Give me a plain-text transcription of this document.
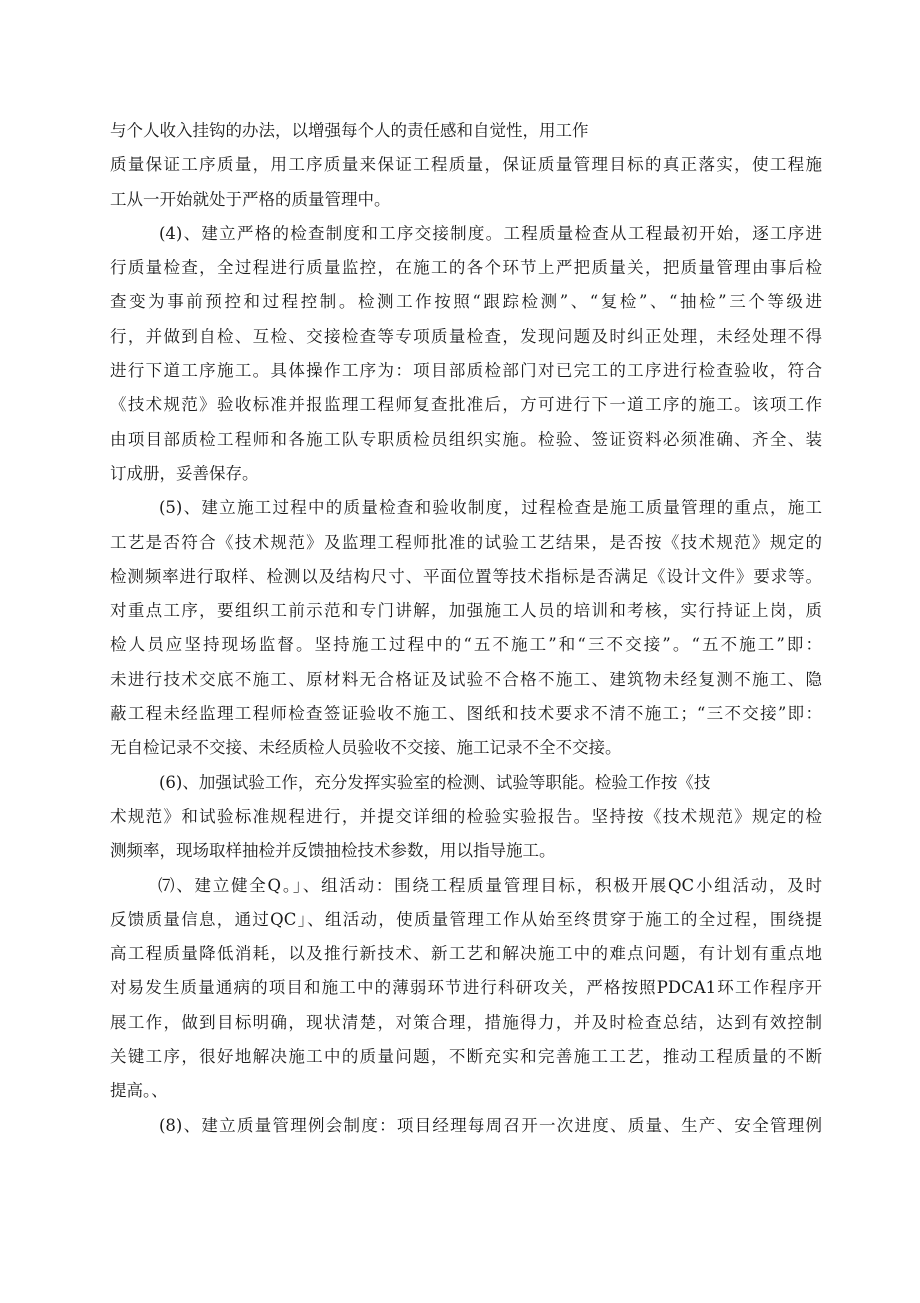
与个人收入挂钩的办法，以增强每个人的责任感和自觉性，用工作
质量保证工序质量，用工序质量来保证工程质量，保证质量管理目标的真正落实，使工程施
工从一开始就处于严格的质量管理中。
(4)、建立严格的检查制度和工序交接制度。工程质量检查从工程最初开始，逐工序进
行质量检查，全过程进行质量监控，在施工的各个环节上严把质量关，把质量管理由事后检
查变为事前预控和过程控制。检测工作按照“跟踪检测”、“复检”、“抽检”三个等级进
行，并做到自检、互检、交接检查等专项质量检查，发现问题及时纠正处理，未经处理不得
进行下道工序施工。具体操作工序为：项目部质检部门对已完工的工序进行检查验收，符合
《技术规范》验收标准并报监理工程师复查批准后，方可进行下一道工序的施工。该项工作
由项目部质检工程师和各施工队专职质检员组织实施。检验、签证资料必须准确、齐全、装
订成册，妥善保存。
(5)、建立施工过程中的质量检查和验收制度，过程检查是施工质量管理的重点，施工
工艺是否符合《技术规范》及监理工程师批准的试验工艺结果，是否按《技术规范》规定的
检测频率进行取样、检测以及结构尺寸、平面位置等技术指标是否满足《设计文件》要求等。
对重点工序，要组织工前示范和专门讲解，加强施工人员的培训和考核，实行持证上岗，质
检人员应坚持现场监督。坚持施工过程中的“五不施工”和“三不交接”。“五不施工”即：
未进行技术交底不施工、原材料无合格证及试验不合格不施工、建筑物未经复测不施工、隐
蔽工程未经监理工程师检查签证验收不施工、图纸和技术要求不清不施工；“三不交接”即：
无自检记录不交接、未经质检人员验收不交接、施工记录不全不交接。
(6)、加强试验工作，充分发挥实验室的检测、试验等职能。检验工作按《技
术规范》和试验标准规程进行，并提交详细的检验实验报告。坚持按《技术规范》规定的检
测频率，现场取样抽检并反馈抽检技术参数，用以指导施工。
⑺、建立健全Q。」、组活动：围绕工程质量管理目标，积极开展QC小组活动，及时
反馈质量信息，通过QC」、组活动，使质量管理工作从始至终贯穿于施工的全过程，围绕提
高工程质量降低消耗，以及推行新技术、新工艺和解决施工中的难点问题，有计划有重点地
对易发生质量通病的项目和施工中的薄弱环节进行科研攻关，严格按照PDCA1环工作程序开
展工作，做到目标明确，现状清楚，对策合理，措施得力，并及时检查总结，达到有效控制
关键工序，很好地解决施工中的质量问题，不断充实和完善施工工艺，推动工程质量的不断
提高。、
(8)、建立质量管理例会制度：项目经理每周召开一次进度、质量、生产、安全管理例
